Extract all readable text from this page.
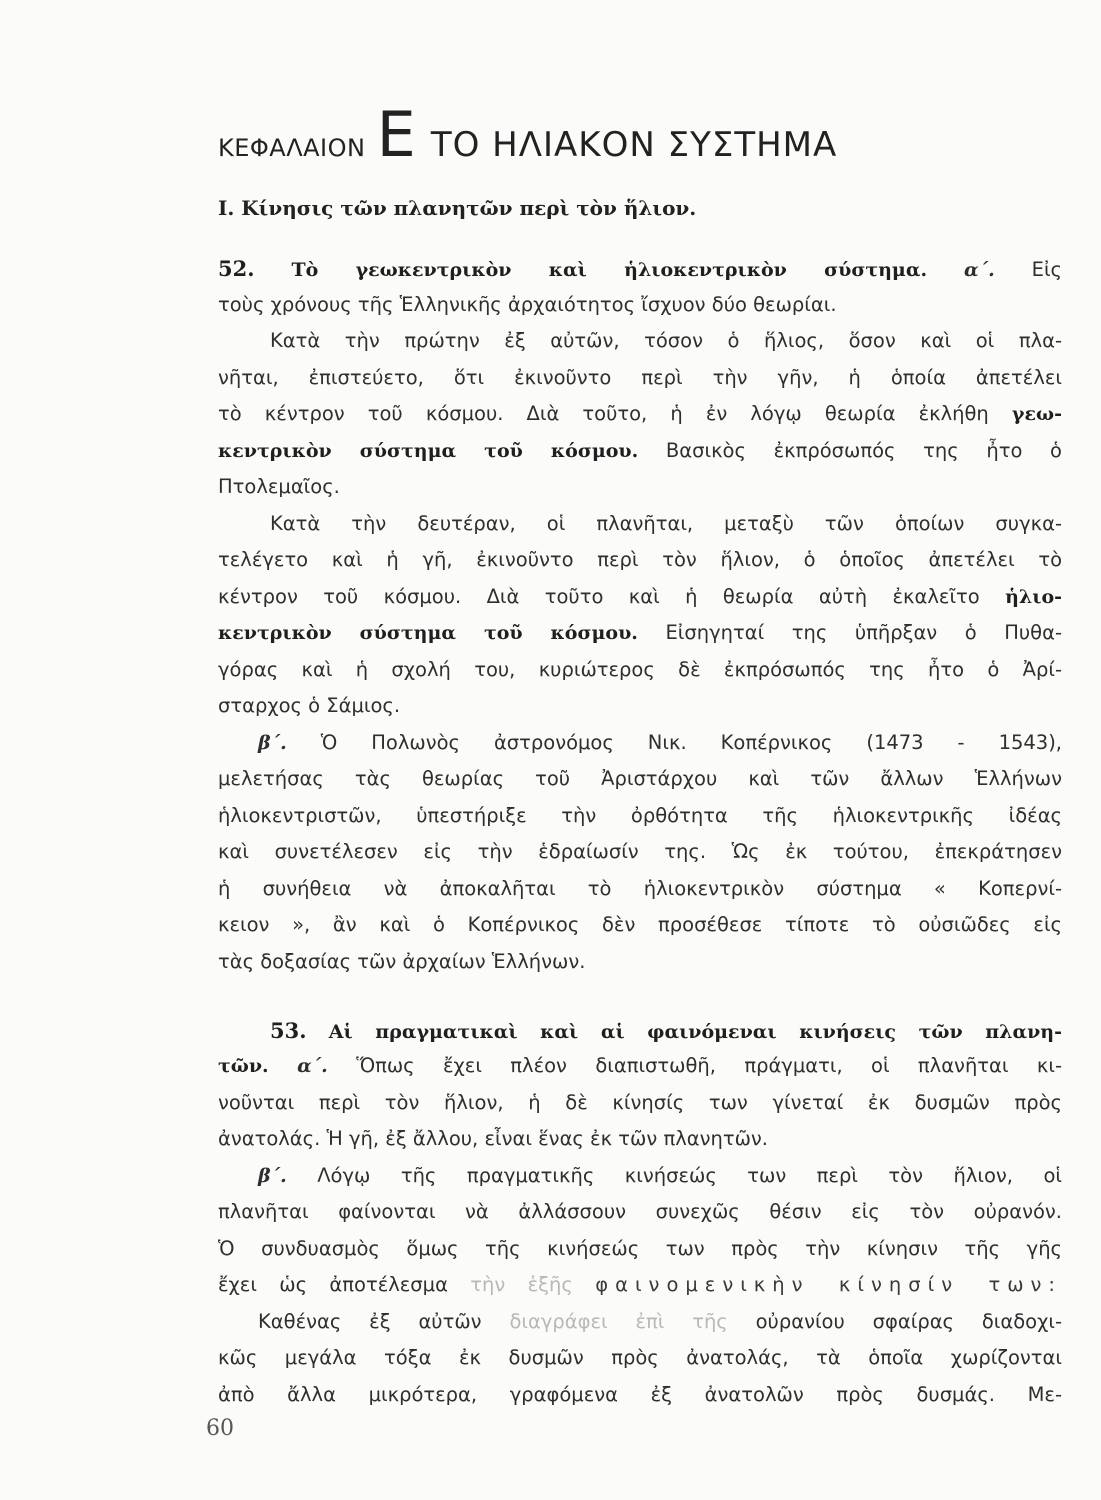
ΚΕΦΑΛΑΙΟΝ Ε ΤΟ ΗΛΙΑΚΟΝ ΣΥΣΤΗΜΑ
I. Κίνησις τῶν πλανητῶν περὶ τὸν ἥλιον.
52. Τὸ γεωκεντρικὸν καὶ ἡλιοκεντρικὸν σύστημα. α΄. Εἰς
τοὺς χρόνους τῆς Ἑλληνικῆς ἀρχαιότητος ἴσχυον δύο θεωρίαι.
Κατὰ τὴν πρώτην ἐξ αὐτῶν, τόσον ὁ ἥλιος, ὅσον καὶ οἱ πλα-
νῆται, ἐπιστεύετο, ὅτι ἐκινοῦντο περὶ τὴν γῆν, ἡ ὁποία ἀπετέλει
τὸ κέντρον τοῦ κόσμου. Διὰ τοῦτο, ἡ ἐν λόγῳ θεωρία ἐκλήθη γεω-
κεντρικὸν σύστημα τοῦ κόσμου. Βασικὸς ἐκπρόσωπός της ἦτο ὁ
Πτολεμαῖος.
Κατὰ τὴν δευτέραν, οἱ πλανῆται, μεταξὺ τῶν ὁποίων συγκα-
τελέγετο καὶ ἡ γῆ, ἐκινοῦντο περὶ τὸν ἥλιον, ὁ ὁποῖος ἀπετέλει τὸ
κέντρον τοῦ κόσμου. Διὰ τοῦτο καὶ ἡ θεωρία αὐτὴ ἐκαλεῖτο ἡλιο-
κεντρικὸν σύστημα τοῦ κόσμου. Εἰσηγηταί της ὑπῆρξαν ὁ Πυθα-
γόρας καὶ ἡ σχολή του, κυριώτερος δὲ ἐκπρόσωπός της ἦτο ὁ Ἀρί-
σταρχος ὁ Σάμιος.
β΄. Ὁ Πολωνὸς ἀστρονόμος Νικ. Κοπέρνικος (1473 - 1543),
μελετήσας τὰς θεωρίας τοῦ Ἀριστάρχου καὶ τῶν ἄλλων Ἑλλήνων
ἡλιοκεντριστῶν, ὑπεστήριξε τὴν ὀρθότητα τῆς ἡλιοκεντρικῆς ἰδέας
καὶ συνετέλεσεν εἰς τὴν ἑδραίωσίν της. Ὡς ἐκ τούτου, ἐπεκράτησεν
ἡ συνήθεια νὰ ἀποκαλῆται τὸ ἡλιοκεντρικὸν σύστημα « Κοπερνί-
κειον », ἂν καὶ ὁ Κοπέρνικος δὲν προσέθεσε τίποτε τὸ οὐσιῶδες εἰς
τὰς δοξασίας τῶν ἀρχαίων Ἑλλήνων.
53. Αἱ πραγματικαὶ καὶ αἱ φαινόμεναι κινήσεις τῶν πλανη-
τῶν. α΄. Ὅπως ἔχει πλέον διαπιστωθῆ, πράγματι, οἱ πλανῆται κι-
νοῦνται περὶ τὸν ἥλιον, ἡ δὲ κίνησίς των γίνεταί ἐκ δυσμῶν πρὸς
ἀνατολάς. Ἡ γῆ, ἐξ ἄλλου, εἶναι ἕνας ἐκ τῶν πλανητῶν.
β΄. Λόγῳ τῆς πραγματικῆς κινήσεώς των περὶ τὸν ἥλιον, οἱ
πλανῆται φαίνονται νὰ ἀλλάσσουν συνεχῶς θέσιν εἰς τὸν οὐρανόν.
Ὁ συνδυασμὸς ὅμως τῆς κινήσεώς των πρὸς τὴν κίνησιν τῆς γῆς
ἔχει ὡς ἀποτέλεσμα τὴν ἑξῆς φαινομενικὴν κίνησίν των:
Καθένας ἐξ αὐτῶν διαγράφει ἐπὶ τῆς οὐρανίου σφαίρας διαδοχι-
κῶς μεγάλα τόξα ἐκ δυσμῶν πρὸς ἀνατολάς, τὰ ὁποῖα χωρίζονται
ἀπὸ ἄλλα μικρότερα, γραφόμενα ἐξ ἀνατολῶν πρὸς δυσμάς. Με-
60
